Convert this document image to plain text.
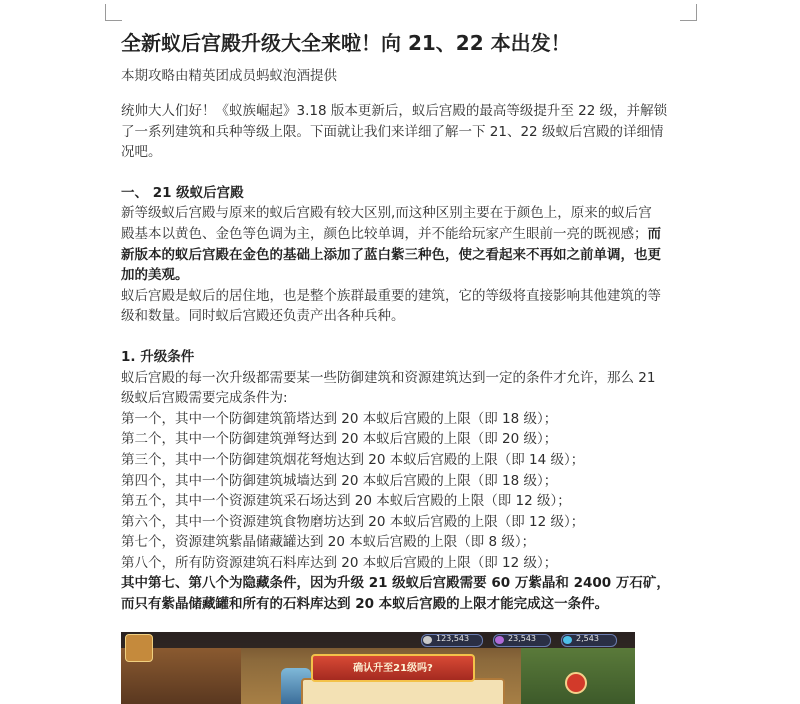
全新蚁后宫殿升级大全来啦！向 21、22 本出发！
本期攻略由精英团成员蚂蚁泡酒提供
统帅大人们好！《蚁族崛起》3.18 版本更新后，蚁后宫殿的最高等级提升至 22 级，并解锁
了一系列建筑和兵种等级上限。下面就让我们来详细了解一下 21、22 级蚁后宫殿的详细情
况吧。
一、 21 级蚁后宫殿
新等级蚁后宫殿与原来的蚁后宫殿有较大区别,而这种区别主要在于颜色上，原来的蚁后宫
殿基本以黄色、金色等色调为主，颜色比较单调，并不能给玩家产生眼前一亮的既视感；而
新版本的蚁后宫殿在金色的基础上添加了蓝白紫三种色，使之看起来不再如之前单调，也更
加的美观。
蚁后宫殿是蚁后的居住地，也是整个族群最重要的建筑，它的等级将直接影响其他建筑的等
级和数量。同时蚁后宫殿还负责产出各种兵种。
1. 升级条件
蚁后宫殿的每一次升级都需要某一些防御建筑和资源建筑达到一定的条件才允许，那么 21
级蚁后宫殿需要完成条件为:
第一个，其中一个防御建筑箭塔达到 20 本蚁后宫殿的上限（即 18 级）；
第二个，其中一个防御建筑弹弩达到 20 本蚁后宫殿的上限（即 20 级）；
第三个，其中一个防御建筑烟花弩炮达到 20 本蚁后宫殿的上限（即 14 级）；
第四个，其中一个防御建筑城墙达到 20 本蚁后宫殿的上限（即 18 级）；
第五个，其中一个资源建筑采石场达到 20 本蚁后宫殿的上限（即 12 级）；
第六个，其中一个资源建筑食物磨坊达到 20 本蚁后宫殿的上限（即 12 级）；
第七个，资源建筑紫晶储藏罐达到 20 本蚁后宫殿的上限（即 8 级）；
第八个，所有防资源建筑石料库达到 20 本蚁后宫殿的上限（即 12 级）；
其中第七、第八个为隐藏条件，因为升级 21 级蚁后宫殿需要 60 万紫晶和 2400 万石矿，
而只有紫晶储藏罐和所有的石料库达到 20 本蚁后宫殿的上限才能完成这一条件。
123,543	23,543	2,543
确认升至21级吗?
